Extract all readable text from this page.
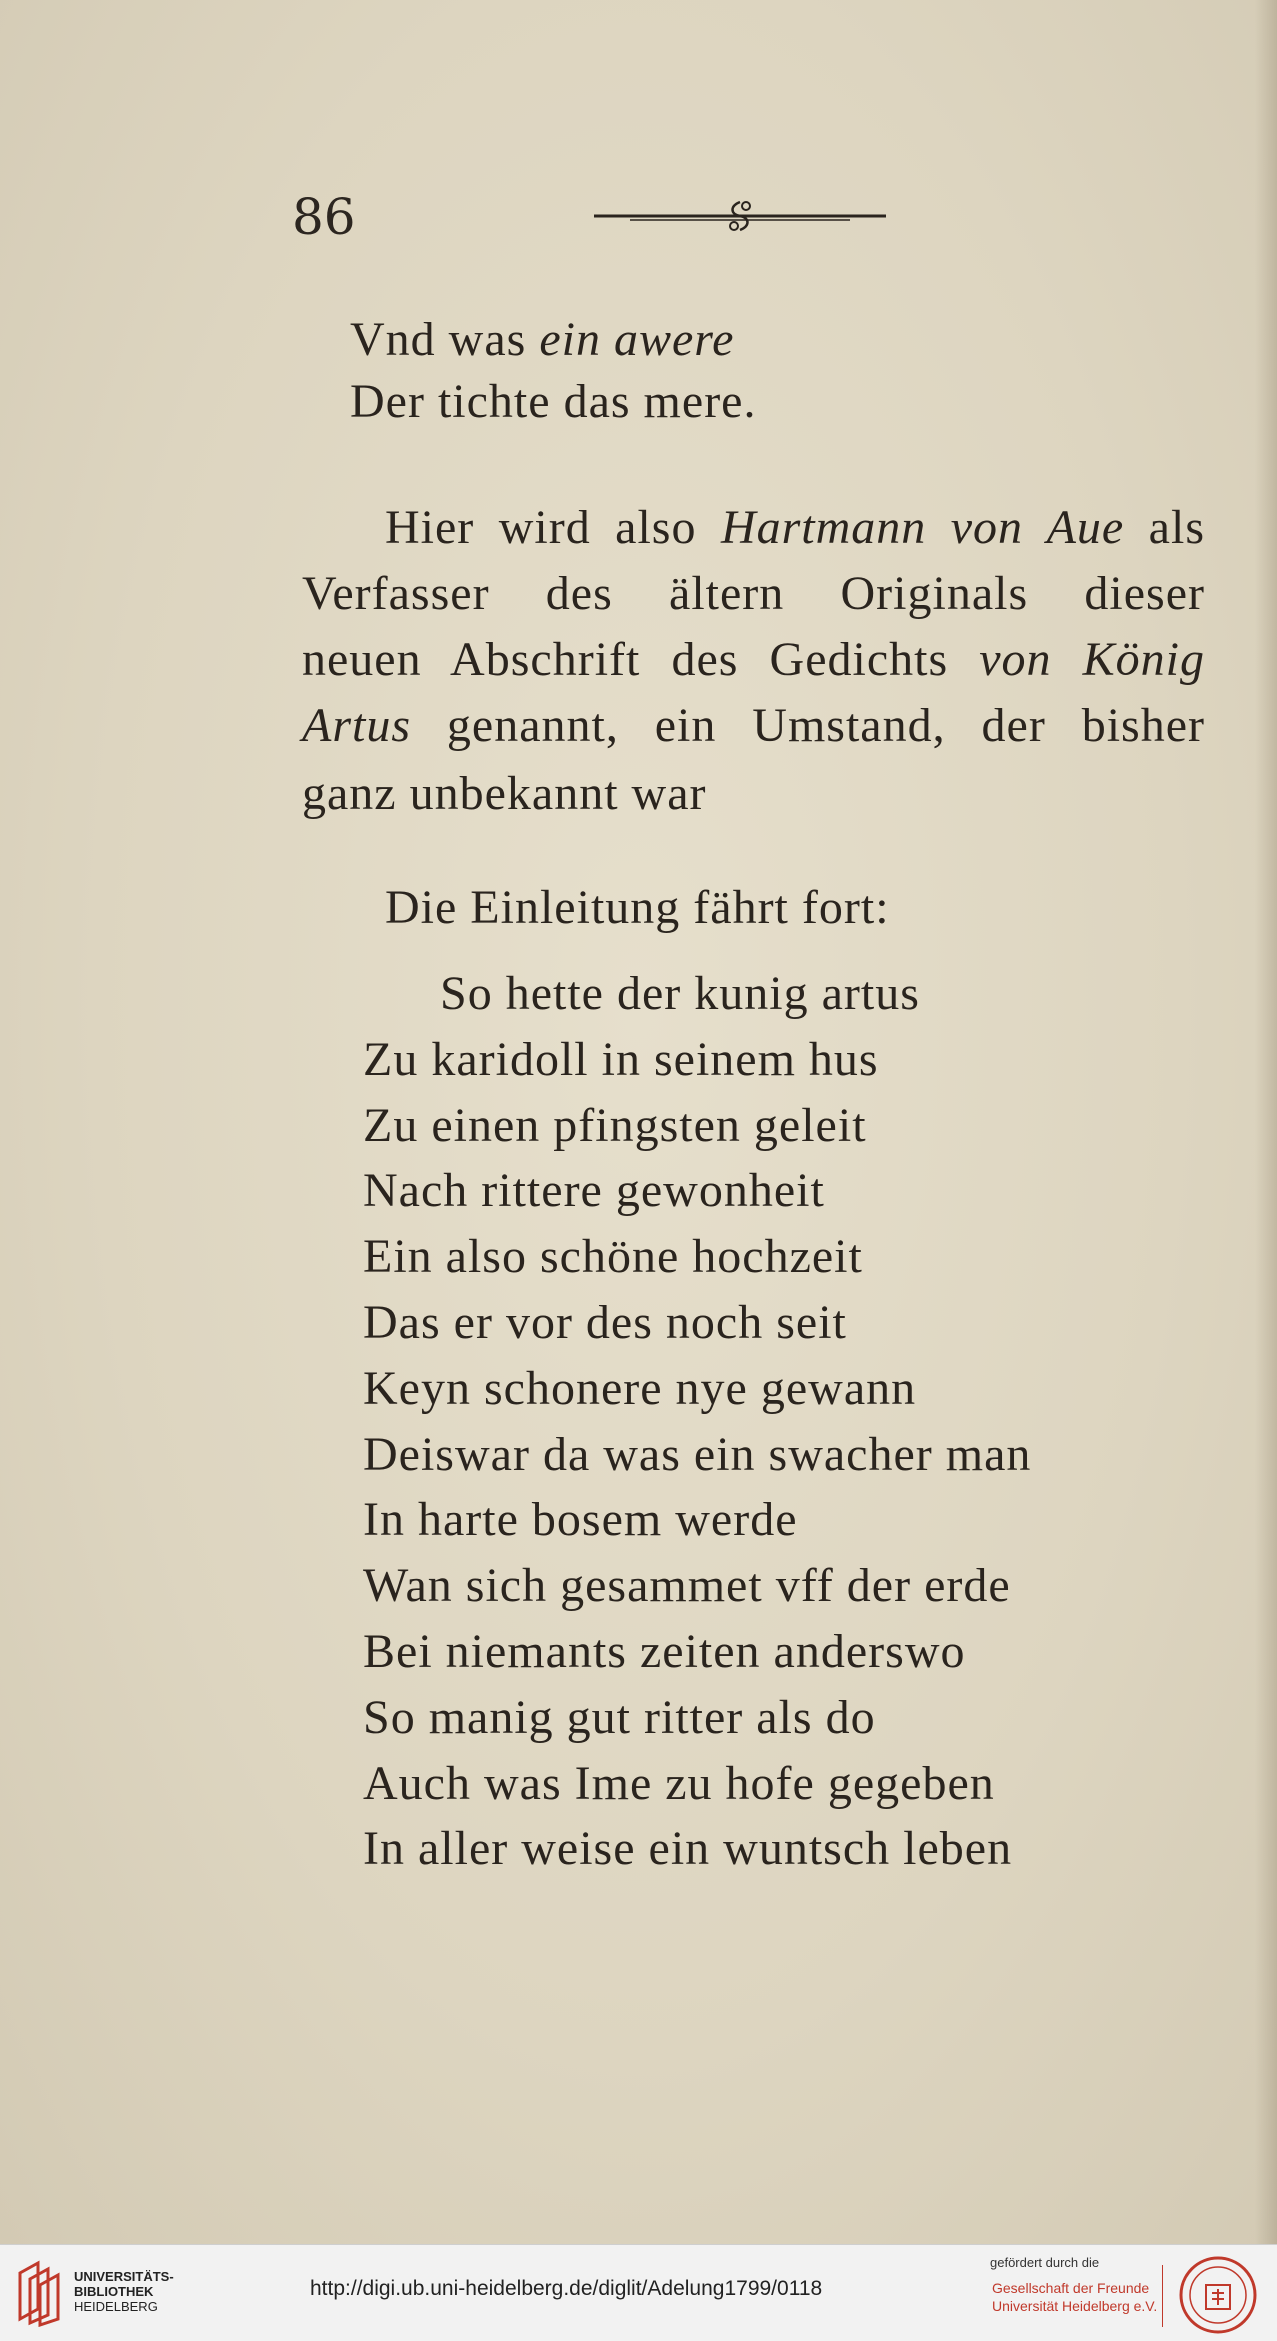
86
Vnd was ein awere
Der tichte das mere.
Hier wird also Hartmann von Aue als
Verfasser des ältern Originals dieser
neuen Abschrift des Gedichts von König
Artus genannt, ein Umstand, der bisher
ganz unbekannt war
Die Einleitung fährt fort:
So hette der kunig artus
Zu karidoll in seinem hus
Zu einen pfingsten geleit
Nach rittere gewonheit
Ein also schöne hochzeit
Das er vor des noch seit
Keyn schonere nye gewann
Deiswar da was ein swacher man
In harte bosem werde
Wan sich gesammet vff der erde
Bei niemants zeiten anderswo
So manig gut ritter als do
Auch was Ime zu hofe gegeben
In aller weise ein wuntsch leben
UNIVERSITÄTS-
BIBLIOTHEK
HEIDELBERG
http://digi.ub.uni-heidelberg.de/diglit/Adelung1799/0118
gefördert durch die
Gesellschaft der Freunde
Universität Heidelberg e.V.
